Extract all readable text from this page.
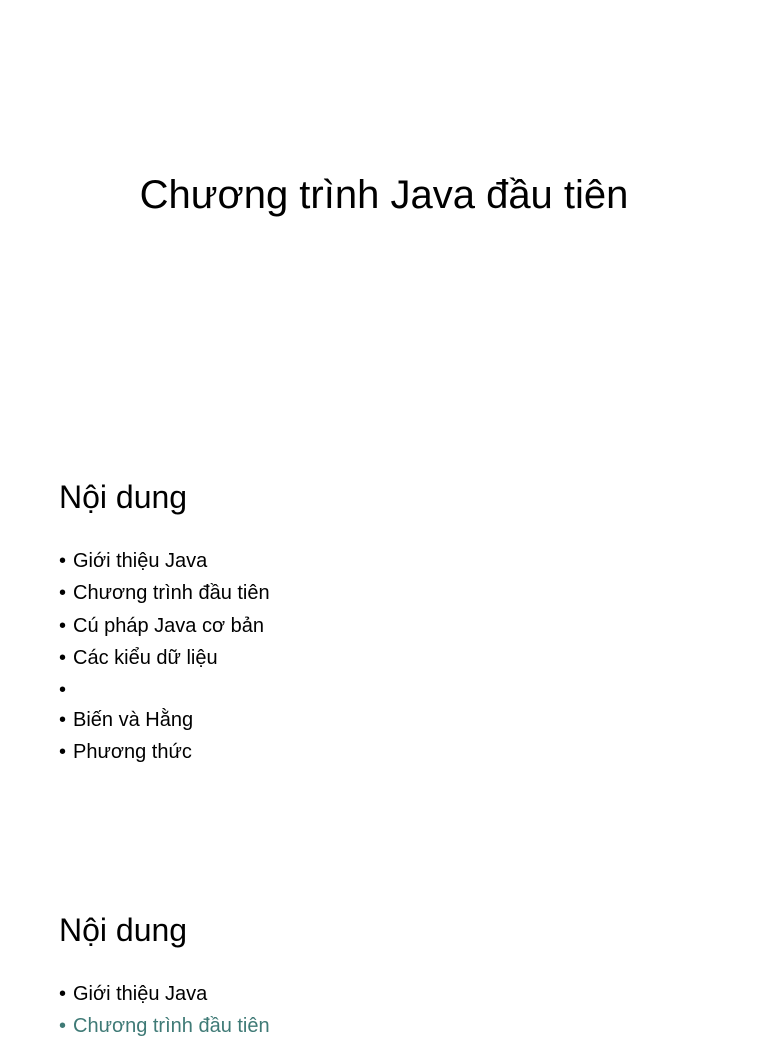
Chương trình Java đầu tiên
Nội dung
• Giới thiệu Java
• Chương trình đầu tiên
• Cú pháp Java cơ bản
• Các kiểu dữ liệu
•
• Biến và Hằng
• Phương thức
Nội dung
• Giới thiệu Java
• Chương trình đầu tiên
